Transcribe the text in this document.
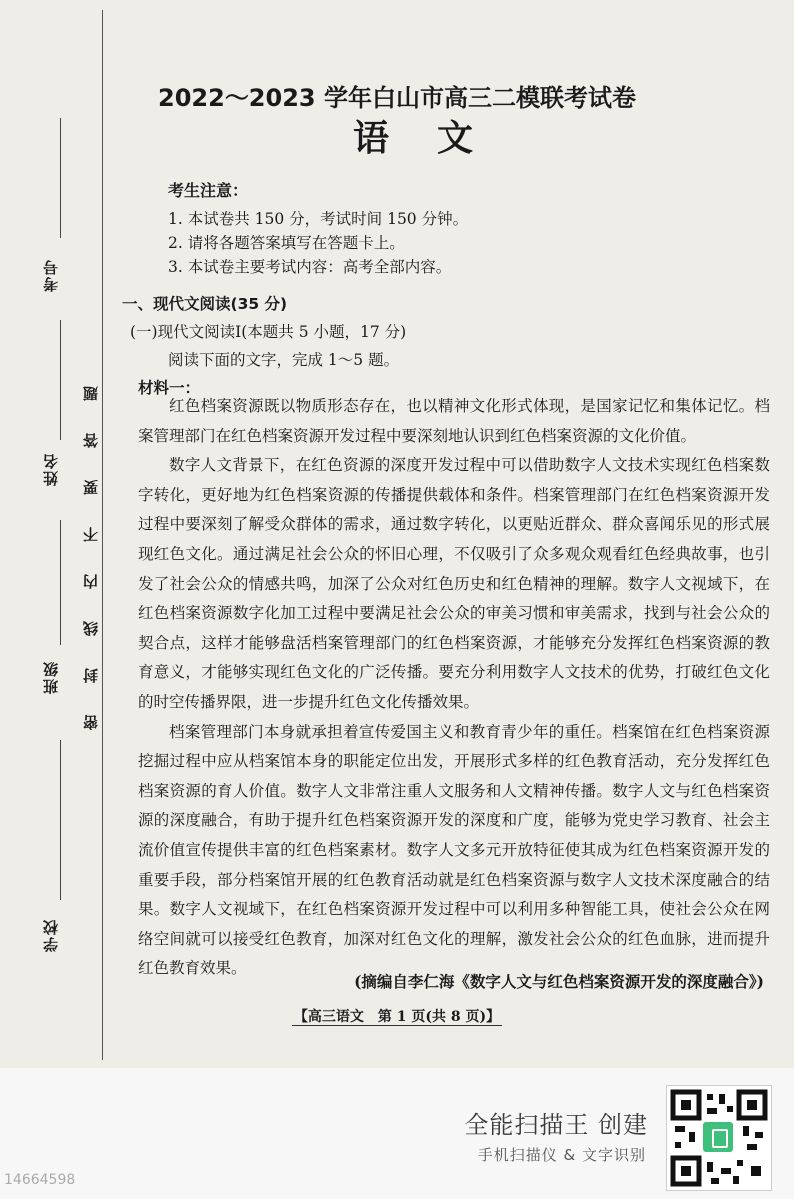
考号
姓名
班级
学校
密封线内不要答题
2022～2023 学年白山市高三二模联考试卷
语文
考生注意：
1. 本试卷共 150 分，考试时间 150 分钟。
2. 请将各题答案填写在答题卡上。
3. 本试卷主要考试内容：高考全部内容。
一、现代文阅读(35 分)
(一)现代文阅读Ⅰ(本题共 5 小题，17 分)
阅读下面的文字，完成 1～5 题。
材料一：

红色档案资源既以物质形态存在，也以精神文化形式体现，是国家记忆和集体记忆。档案管理部门在红色档案资源开发过程中要深刻地认识到红色档案资源的文化价值。

数字人文背景下，在红色资源的深度开发过程中可以借助数字人文技术实现红色档案数字转化，更好地为红色档案资源的传播提供载体和条件。档案管理部门在红色档案资源开发过程中要深刻了解受众群体的需求，通过数字转化，以更贴近群众、群众喜闻乐见的形式展现红色文化。通过满足社会公众的怀旧心理，不仅吸引了众多观众观看红色经典故事，也引发了社会公众的情感共鸣，加深了公众对红色历史和红色精神的理解。数字人文视域下，在红色档案资源数字化加工过程中要满足社会公众的审美习惯和审美需求，找到与社会公众的契合点，这样才能够盘活档案管理部门的红色档案资源，才能够充分发挥红色档案资源的教育意义，才能够实现红色文化的广泛传播。要充分利用数字人文技术的优势，打破红色文化的时空传播界限，进一步提升红色文化传播效果。

档案管理部门本身就承担着宣传爱国主义和教育青少年的重任。档案馆在红色档案资源挖掘过程中应从档案馆本身的职能定位出发，开展形式多样的红色教育活动，充分发挥红色档案资源的育人价值。数字人文非常注重人文服务和人文精神传播。数字人文与红色档案资源的深度融合，有助于提升红色档案资源开发的深度和广度，能够为党史学习教育、社会主流价值宣传提供丰富的红色档案素材。数字人文多元开放特征使其成为红色档案资源开发的重要手段，部分档案馆开展的红色教育活动就是红色档案资源与数字人文技术深度融合的结果。数字人文视域下，在红色档案资源开发过程中可以利用多种智能工具，使社会公众在网络空间就可以接受红色教育，加深对红色文化的理解，激发社会公众的红色血脉，进而提升红色教育效果。

(摘编自李仁海《数字人文与红色档案资源开发的深度融合》)
【高三语文　第 1 页(共 8 页)】
全能扫描王 创建
手机扫描仪 & 文字识别
14664598
